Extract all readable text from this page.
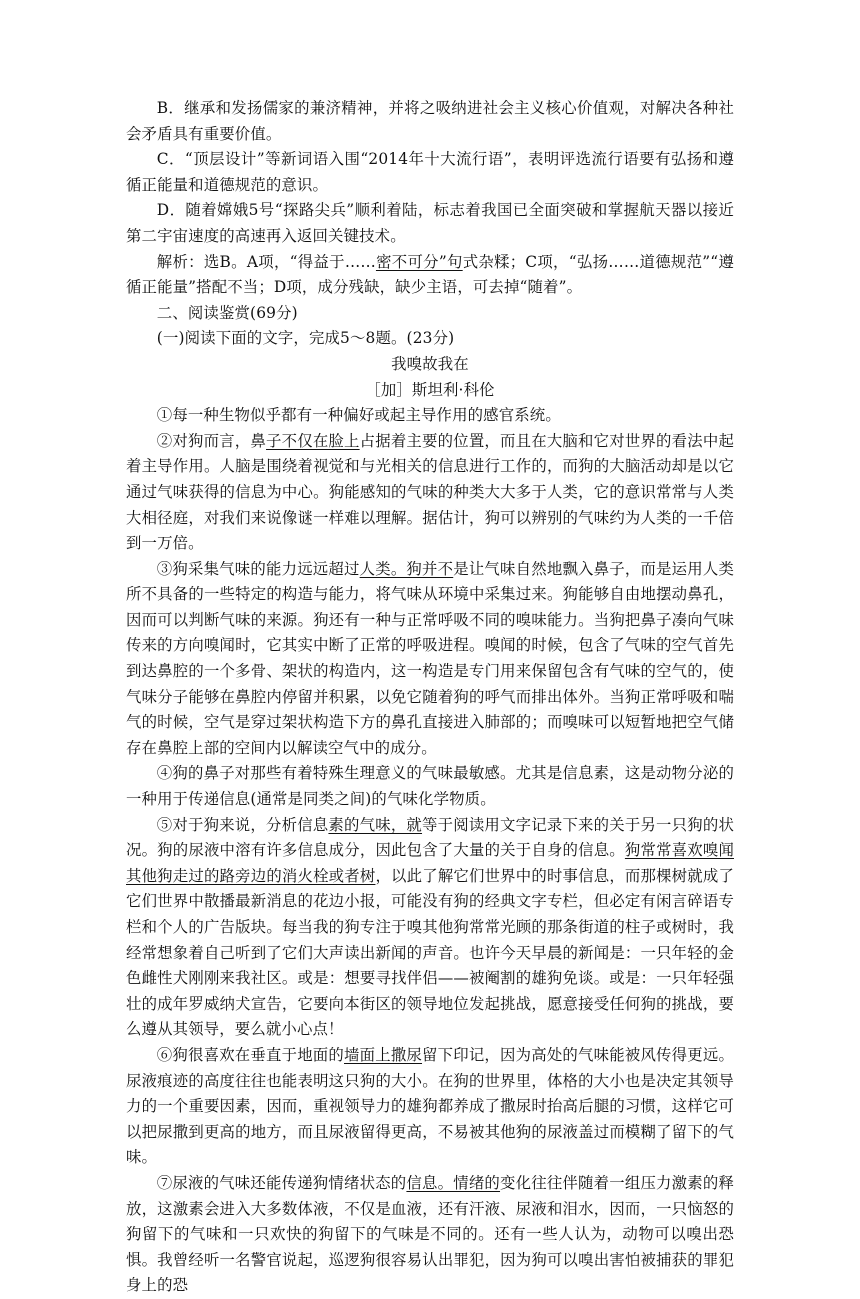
B．继承和发扬儒家的兼济精神，并将之吸纳进社会主义核心价值观，对解决各种社会矛盾具有重要价值。

C．“顶层设计”等新词语入围“2014年十大流行语”，表明评选流行语要有弘扬和遵循正能量和道德规范的意识。

D．随着嫦娥5号“探路尖兵”顺利着陆，标志着我国已全面突破和掌握航天器以接近第二宇宙速度的高速再入返回关键技术。

解析：选B。A项，“得益于……密不可分”句式杂糅；C项，“弘扬……道德规范”“遵循正能量”搭配不当；D项，成分残缺，缺少主语，可去掉“随着”。

二、阅读鉴赏(69分)

(一)阅读下面的文字，完成5～8题。(23分)

我嗅故我在

［加］斯坦利·科伦

①每一种生物似乎都有一种偏好或起主导作用的感官系统。

②对狗而言，鼻子不仅在脸上占据着主要的位置，而且在大脑和它对世界的看法中起着主导作用。人脑是围绕着视觉和与光相关的信息进行工作的，而狗的大脑活动却是以它通过气味获得的信息为中心。狗能感知的气味的种类大大多于人类，它的意识常常与人类大相径庭，对我们来说像谜一样难以理解。据估计，狗可以辨别的气味约为人类的一千倍到一万倍。

③狗采集气味的能力远远超过人类。狗并不是让气味自然地飘入鼻子，而是运用人类所不具备的一些特定的构造与能力，将气味从环境中采集过来。狗能够自由地摆动鼻孔，因而可以判断气味的来源。狗还有一种与正常呼吸不同的嗅味能力。当狗把鼻子凑向气味传来的方向嗅闻时，它其实中断了正常的呼吸进程。嗅闻的时候，包含了气味的空气首先到达鼻腔的一个多骨、架状的构造内，这一构造是专门用来保留包含有气味的空气的，使气味分子能够在鼻腔内停留并积累，以免它随着狗的呼气而排出体外。当狗正常呼吸和喘气的时候，空气是穿过架状构造下方的鼻孔直接进入肺部的；而嗅味可以短暂地把空气储存在鼻腔上部的空间内以解读空气中的成分。

④狗的鼻子对那些有着特殊生理意义的气味最敏感。尤其是信息素，这是动物分泌的一种用于传递信息(通常是同类之间)的气味化学物质。

⑤对于狗来说，分析信息素的气味，就等于阅读用文字记录下来的关于另一只狗的状况。狗的尿液中溶有许多信息成分，因此包含了大量的关于自身的信息。狗常常喜欢嗅闻其他狗走过的路旁边的消火栓或者树，以此了解它们世界中的时事信息，而那棵树就成了它们世界中散播最新消息的花边小报，可能没有狗的经典文字专栏，但必定有闲言碎语专栏和个人的广告版块。每当我的狗专注于嗅其他狗常常光顾的那条街道的柱子或树时，我经常想象着自己听到了它们大声读出新闻的声音。也许今天早晨的新闻是：一只年轻的金色雌性犬刚刚来我社区。或是：想要寻找伴侣——被阉割的雄狗免谈。或是：一只年轻强壮的成年罗威纳犬宣告，它要向本街区的领导地位发起挑战，愿意接受任何狗的挑战，要么遵从其领导，要么就小心点！

⑥狗很喜欢在垂直于地面的墙面上撒尿留下印记，因为高处的气味能被风传得更远。尿液痕迹的高度往往也能表明这只狗的大小。在狗的世界里，体格的大小也是决定其领导力的一个重要因素，因而，重视领导力的雄狗都养成了撒尿时抬高后腿的习惯，这样它可以把尿撒到更高的地方，而且尿液留得更高，不易被其他狗的尿液盖过而模糊了留下的气味。

⑦尿液的气味还能传递狗情绪状态的信息。情绪的变化往往伴随着一组压力激素的释放，这激素会进入大多数体液，不仅是血液，还有汗液、尿液和泪水，因而，一只恼怒的狗留下的气味和一只欢快的狗留下的气味是不同的。还有一些人认为，动物可以嗅出恐惧。我曾经听一名警官说起，巡逻狗很容易认出罪犯，因为狗可以嗅出害怕被捕获的罪犯身上的恐
